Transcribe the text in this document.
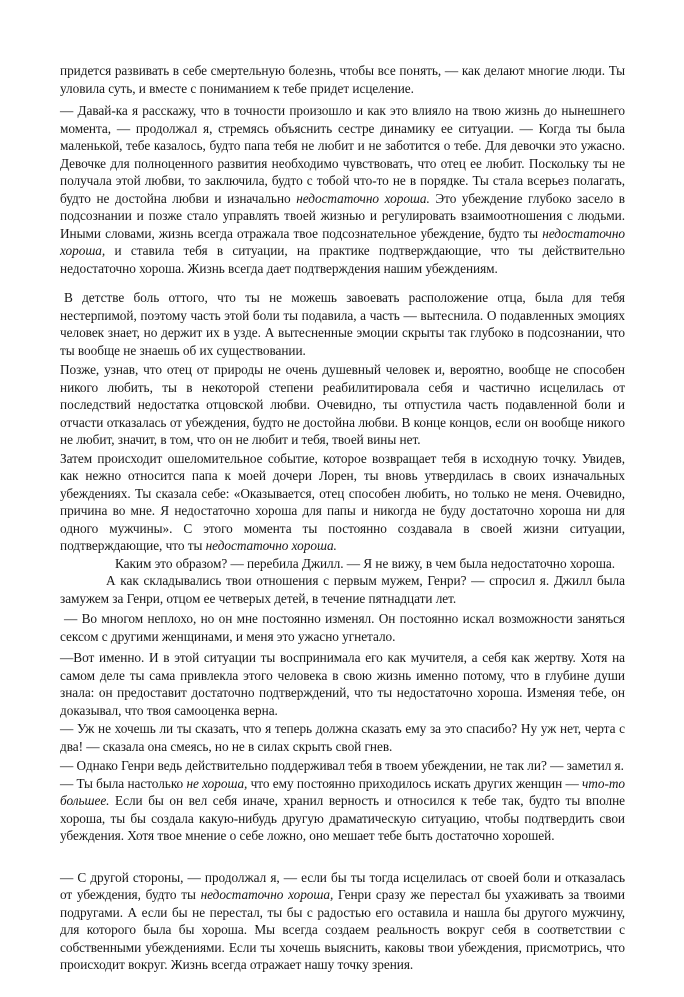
придется развивать в себе смертельную болезнь, чтобы все понять, — как делают многие люди. Ты уловила суть, и вместе с пониманием к тебе придет исцеление.

— Давай-ка я расскажу, что в точности произошло и как это влияло на твою жизнь до нынешнего момента, — продолжал я, стремясь объяснить сестре динамику ее ситуации. — Когда ты была маленькой, тебе казалось, будто папа тебя не любит и не заботится о тебе. Для девочки это ужасно. Девочке для полноценного развития необходимо чувствовать, что отец ее любит. Поскольку ты не получала этой любви, то заключила, будто с тобой что-то не в порядке. Ты стала всерьез полагать, будто не достойна любви и изначально недостаточно хороша. Это убеждение глубоко засело в подсознании и позже стало управлять твоей жизнью и регулировать взаимоотношения с людьми. Иными словами, жизнь всегда отражала твое подсознательное убеждение, будто ты недостаточно хороша, и ставила тебя в ситуации, на практике подтверждающие, что ты действительно недостаточно хороша. Жизнь всегда дает подтверждения нашим убеждениям.

В детстве боль оттого, что ты не можешь завоевать расположение отца, была для тебя нестерпимой, поэтому часть этой боли ты подавила, а часть — вытеснила. О подавленных эмоциях человек знает, но держит их в узде. А вытесненные эмоции скрыты так глубоко в подсознании, что ты вообще не знаешь об их существовании.

Позже, узнав, что отец от природы не очень душевный человек и, вероятно, вообще не способен никого любить, ты в некоторой степени реабилитировала себя и частично исцелилась от последствий недостатка отцовской любви. Очевидно, ты отпустила часть подавленной боли и отчасти отказалась от убеждения, будто не достойна любви. В конце концов, если он вообще никого не любит, значит, в том, что он не любит и тебя, твоей вины нет.

Затем происходит ошеломительное событие, которое возвращает тебя в исходную точку. Увидев, как нежно относится папа к моей дочери Лорен, ты вновь утвердилась в своих изначальных убеждениях. Ты сказала себе: «Оказывается, отец способен любить, но только не меня. Очевидно, причина во мне. Я недостаточно хороша для папы и никогда не буду достаточно хороша ни для одного мужчины». С этого момента ты постоянно создавала в своей жизни ситуации, подтверждающие, что ты недостаточно хороша.

Каким это образом? — перебила Джилл. — Я не вижу, в чем была недостаточно хороша.

А как складывались твои отношения с первым мужем, Генри? — спросил я. Джилл была замужем за Генри, отцом ее четверых детей, в течение пятнадцати лет.

— Во многом неплохо, но он мне постоянно изменял. Он постоянно искал возможности заняться сексом с другими женщинами, и меня это ужасно угнетало.

—Вот именно. И в этой ситуации ты воспринимала его как мучителя, а себя как жертву. Хотя на самом деле ты сама привлекла этого человека в свою жизнь именно потому, что в глубине души знала: он предоставит достаточно подтверждений, что ты недостаточно хороша. Изменяя тебе, он доказывал, что твоя самооценка верна.

— Уж не хочешь ли ты сказать, что я теперь должна сказать ему за это спасибо? Ну уж нет, черта с два! — сказала она смеясь, но не в силах скрыть свой гнев.

— Однако Генри ведь действительно поддерживал тебя в твоем убеждении, не так ли? — заметил я.

— Ты была настолько не хороша, что ему постоянно приходилось искать других женщин — что-то большее. Если бы он вел себя иначе, хранил верность и относился к тебе так, будто ты вполне хороша, ты бы создала какую-нибудь другую драматическую ситуацию, чтобы подтвердить свои убеждения. Хотя твое мнение о себе ложно, оно мешает тебе быть достаточно хорошей.

— С другой стороны, — продолжал я, — если бы ты тогда исцелилась от своей боли и отказалась от убеждения, будто ты недостаточно хороша, Генри сразу же перестал бы ухаживать за твоими подругами. А если бы не перестал, ты бы с радостью его оставила и нашла бы другого мужчину, для которого была бы хороша. Мы всегда создаем реальность вокруг себя в соответствии с собственными убеждениями. Если ты хочешь выяснить, каковы твои убеждения, присмотрись, что происходит вокруг. Жизнь всегда отражает нашу точку зрения.
